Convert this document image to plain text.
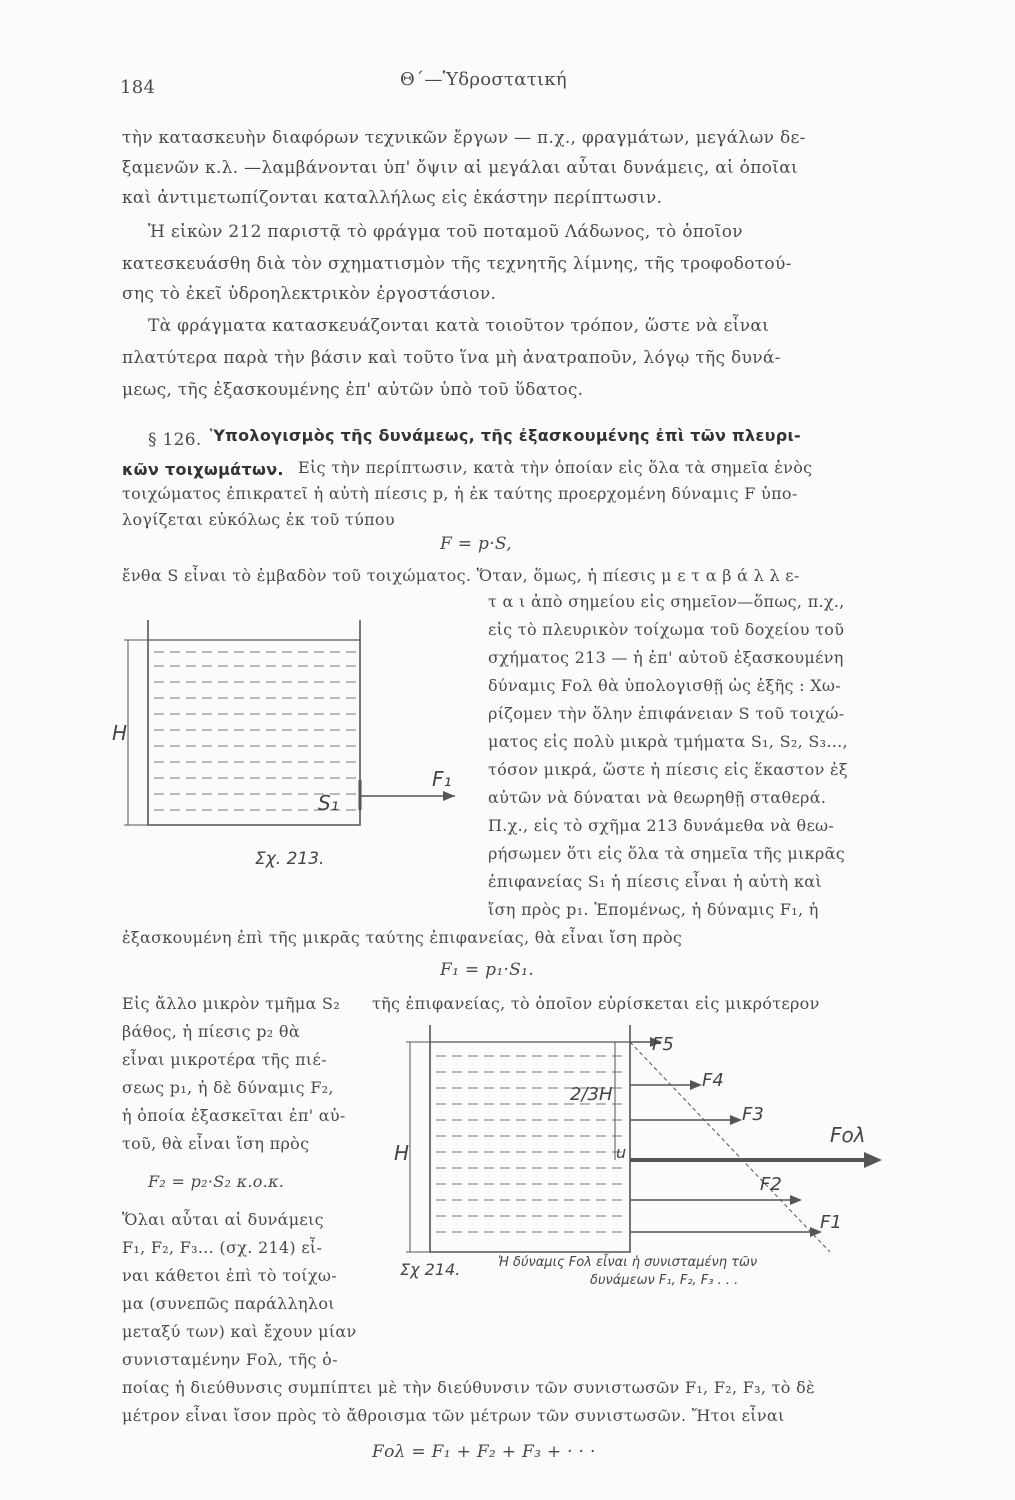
184	Θ΄—Ὑδροστατική
τὴν κατασκευὴν διαφόρων τεχνικῶν ἔργων — π.χ., φραγμάτων, μεγάλων δε-
ξαμενῶν κ.λ. —λαμβάνονται ὑπ' ὄψιν αἱ μεγάλαι αὗται δυνάμεις, αἱ ὁποῖαι
καὶ ἀντιμετωπίζονται καταλλήλως εἰς ἑκάστην περίπτωσιν.
Ἡ εἰκὼν 212 παριστᾷ τὸ φράγμα τοῦ ποταμοῦ Λάδωνος, τὸ ὁποῖον
κατεσκευάσθη διὰ τὸν σχηματισμὸν τῆς τεχνητῆς λίμνης, τῆς τροφοδοτού-
σης τὸ ἐκεῖ ὑδροηλεκτρικὸν ἐργοστάσιον.
Τὰ φράγματα κατασκευάζονται κατὰ τοιοῦτον τρόπον, ὥστε νὰ εἶναι
πλατύτερα παρὰ τὴν βάσιν καὶ τοῦτο ἵνα μὴ ἀνατραποῦν, λόγῳ τῆς δυνά-
μεως, τῆς ἐξασκουμένης ἐπ' αὐτῶν ὑπὸ τοῦ ὕδατος.
§ 126. Ὑπολογισμὸς τῆς δυνάμεως, τῆς ἐξασκουμένης ἐπὶ τῶν πλευρι-
κῶν τοιχωμάτων. Εἰς τὴν περίπτωσιν, κατὰ τὴν ὁποίαν εἰς ὅλα τὰ σημεῖα ἑνὸς
τοιχώματος ἐπικρατεῖ ἡ αὐτὴ πίεσις p, ἡ ἐκ ταύτης προερχομένη δύναμις F ὑπο-
λογίζεται εὐκόλως ἐκ τοῦ τύπου
F = p·S,
ἔνθα S εἶναι τὸ ἐμβαδὸν τοῦ τοιχώματος. Ὅταν, ὅμως, ἡ πίεσις μ ε τ α β ά λ λ ε-
τ α ι ἀπὸ σημείου εἰς σημεῖον—ὅπως, π.χ.,
εἰς τὸ πλευρικὸν τοίχωμα τοῦ δοχείου τοῦ
σχήματος 213 — ἡ ἐπ' αὐτοῦ ἐξασκουμένη
δύναμις Fολ θὰ ὑπολογισθῇ ὡς ἑξῆς : Χω-
ρίζομεν τὴν ὅλην ἐπιφάνειαν S τοῦ τοιχώ-
ματος εἰς πολὺ μικρὰ τμήματα S₁, S₂, S₃...,
τόσον μικρά, ὥστε ἡ πίεσις εἰς ἕκαστον ἐξ
αὐτῶν νὰ δύναται νὰ θεωρηθῇ σταθερά.
Π.χ., εἰς τὸ σχῆμα 213 δυνάμεθα νὰ θεω-
ρήσωμεν ὅτι εἰς ὅλα τὰ σημεῖα τῆς μικρᾶς
ἐπιφανείας S₁ ἡ πίεσις εἶναι ἡ αὐτὴ καὶ
ἴση πρὸς p₁. Ἐπομένως, ἡ δύναμις F₁, ἡ
H
S₁
F₁
Σχ. 213.
ἐξασκουμένη ἐπὶ τῆς μικρᾶς ταύτης ἐπιφανείας, θὰ εἶναι ἴση πρὸς
F₁ = p₁·S₁.
Εἰς ἄλλο μικρὸν τμῆμα S₂ τῆς ἐπιφανείας, τὸ ὁποῖον εὑρίσκεται εἰς μικρότερον
βάθος, ἡ πίεσις p₂ θὰ
εἶναι μικροτέρα τῆς πιέ-
σεως p₁, ἡ δὲ δύναμις F₂,
ἡ ὁποία ἐξασκεῖται ἐπ' αὐ-
τοῦ, θὰ εἶναι ἴση πρὸς
F₂ = p₂·S₂ κ.ο.κ.
Ὅλαι αὗται αἱ δυνάμεις
F₁, F₂, F₃... (σχ. 214) εἶ-
ναι κάθετοι ἐπὶ τὸ τοίχω-
μα (συνεπῶς παράλληλοι
μεταξύ των) καὶ ἔχουν μίαν
συνισταμένην Fολ, τῆς ὁ-
H
2/3H
u
F5
F4
F3
Fολ
F2
F1
Σχ 214.	Ἡ δύναμις Fολ εἶναι ἡ συνισταμένη τῶν
δυνάμεων F₁, F₂, F₃ . . .
ποίας ἡ διεύθυνσις συμπίπτει μὲ τὴν διεύθυνσιν τῶν συνιστωσῶν F₁, F₂, F₃, τὸ δὲ
μέτρον εἶναι ἴσον πρὸς τὸ ἄθροισμα τῶν μέτρων τῶν συνιστωσῶν. Ἤτοι εἶναι
Fολ = F₁ + F₂ + F₃ + · · ·
